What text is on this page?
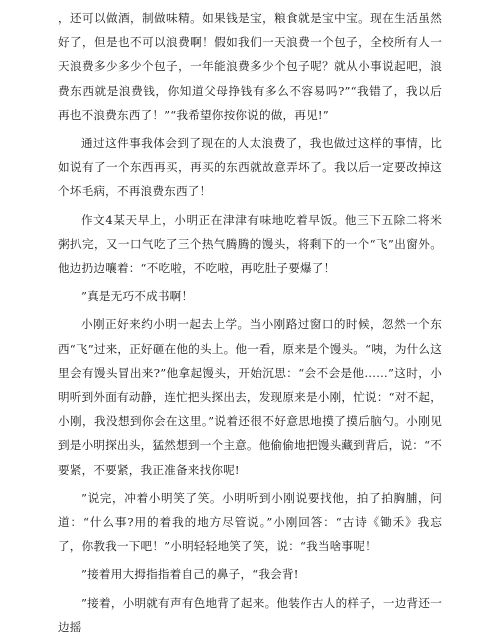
，还可以做酒，制做味精。如果钱是宝，粮食就是宝中宝。现在生活虽然好了，但是也不可以浪费啊！假如我们一天浪费一个包子，全校所有人一天浪费多少多少个包子，一年能浪费多少个包子呢？就从小事说起吧，浪费东西就是浪费钱，你知道父母挣钱有多么不容易吗?”“我错了，我以后再也不浪费东西了！”“我希望你按你说的做，再见!”

通过这件事我体会到了现在的人太浪费了，我也做过这样的事情，比如说有了一个东西再买，再买的东西就故意弄坏了。我以后一定要改掉这个坏毛病，不再浪费东西了！

作文4某天早上，小明正在津津有味地吃着早饭。他三下五除二将米粥扒完，又一口气吃了三个热气腾腾的馒头，将剩下的一个“飞”出窗外。他边扔边嚷着：“不吃啦，不吃啦，再吃肚子要爆了！

”真是无巧不成书啊！

小刚正好来约小明一起去上学。当小刚路过窗口的时候，忽然一个东西“飞”过来，正好砸在他的头上。他一看，原来是个馒头。“咦，为什么这里会有馒头冒出来?”他拿起馒头，开始沉思：“会不会是他……”这时，小明听到外面有动静，连忙把头探出去，发现原来是小刚，忙说：“对不起，小刚，我没想到你会在这里。”说着还很不好意思地摸了摸后脑勺。小刚见到是小明探出头，猛然想到一个主意。他偷偷地把馒头藏到背后，说：“不要紧，不要紧，我正准备来找你呢!

”说完，冲着小明笑了笑。小明听到小刚说要找他，拍了拍胸脯，问道：“什么事?用的着我的地方尽管说。”小刚回答：“古诗《锄禾》我忘了，你教我一下吧！”小明轻轻地笑了笑，说：“我当啥事呢！

”接着用大拇指指着自己的鼻子，“我会背!

”接着，小明就有声有色地背了起来。他装作古人的样子，一边背还一边摇
